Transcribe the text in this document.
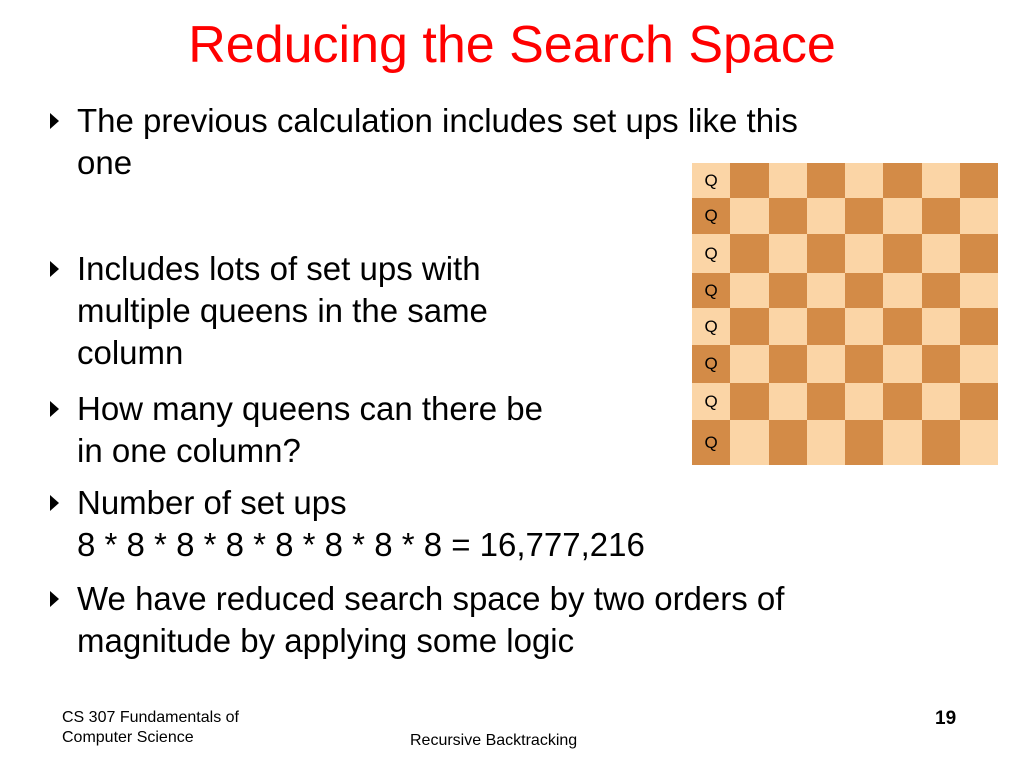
Reducing the Search Space
The previous calculation includes set ups like this
one
Includes lots of set ups with
multiple queens in the same
column
How many queens can there be
in one column?
Number of set ups
8 * 8 * 8 * 8 * 8 * 8 * 8 * 8 = 16,777,216
We have reduced search space by two orders of
magnitude by applying some logic
Q
Q
Q
Q
Q
Q
Q
Q
CS 307 Fundamentals of
Computer Science	Recursive Backtracking
19
